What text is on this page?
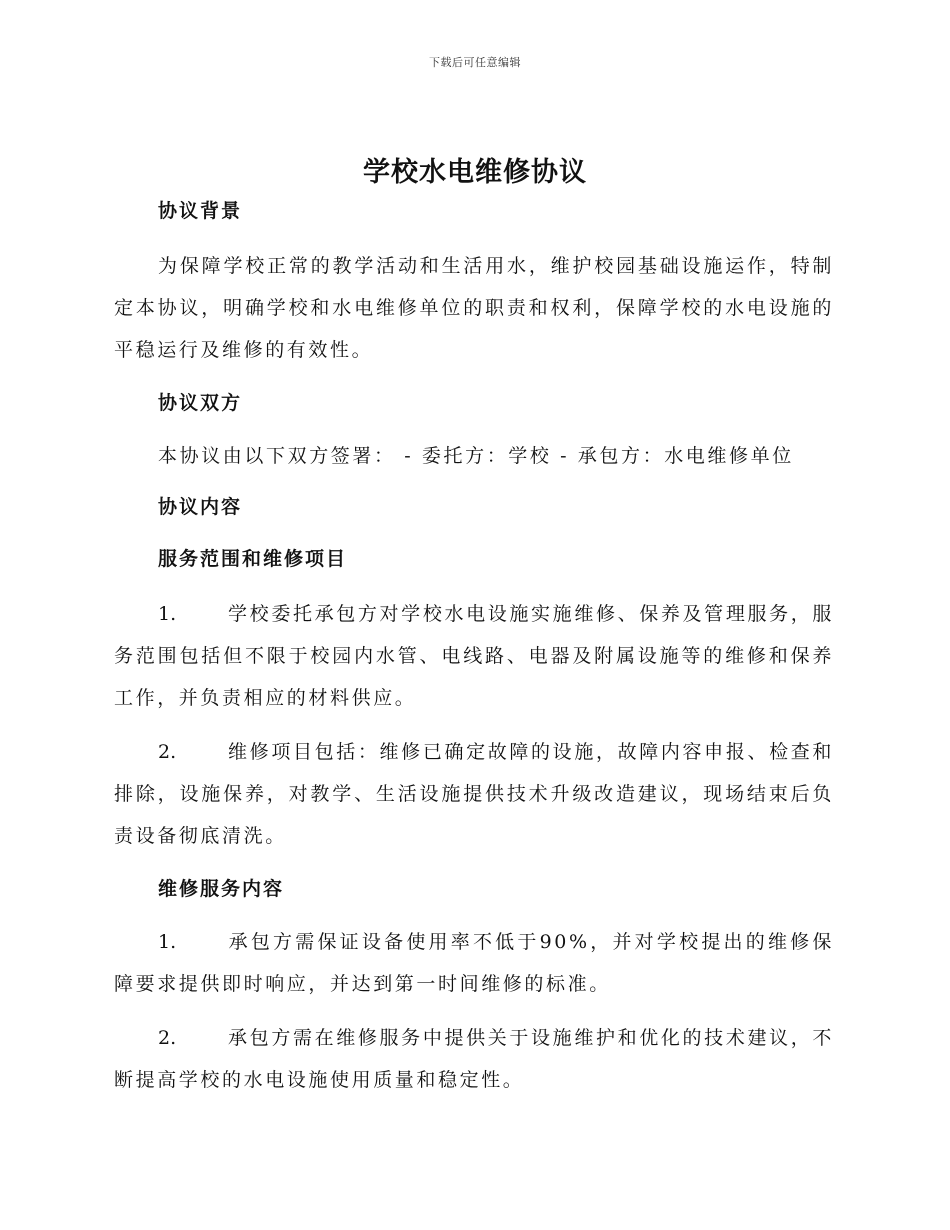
下载后可任意编辑
学校水电维修协议

协议背景

为保障学校正常的教学活动和生活用水，维护校园基础设施运作，特制定本协议，明确学校和水电维修单位的职责和权利，保障学校的水电设施的平稳运行及维修的有效性。

协议双方

本协议由以下双方签署： - 委托方：学校 - 承包方：水电维修单位

协议内容

服务范围和维修项目

1.	学校委托承包方对学校水电设施实施维修、保养及管理服务，服务范围包括但不限于校园内水管、电线路、电器及附属设施等的维修和保养工作，并负责相应的材料供应。

2.	维修项目包括：维修已确定故障的设施，故障内容申报、检查和排除，设施保养，对教学、生活设施提供技术升级改造建议，现场结束后负责设备彻底清洗。

维修服务内容

1.	承包方需保证设备使用率不低于90%，并对学校提出的维修保障要求提供即时响应，并达到第一时间维修的标准。

2.	承包方需在维修服务中提供关于设施维护和优化的技术建议，不断提高学校的水电设施使用质量和稳定性。
